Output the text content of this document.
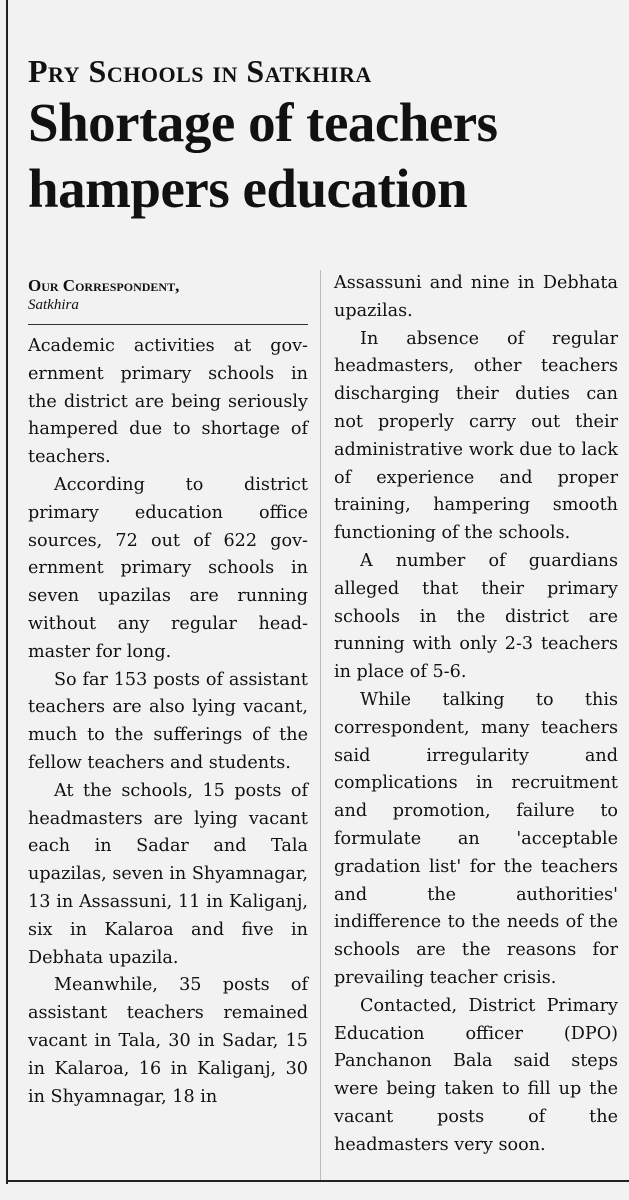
Pry Schools in Satkhira
Shortage of teachers hampers education
Our Correspondent,
Satkhira

Academic activities at government primary schools in the district are being seriously hampered due to shortage of teachers.

According to district primary education office sources, 72 out of 622 government primary schools in seven upazilas are running without any regular headmaster for long.

So far 153 posts of assistant teachers are also lying vacant, much to the sufferings of the fellow teachers and students.

At the schools, 15 posts of headmasters are lying vacant each in Sadar and Tala upazilas, seven in Shyamnagar, 13 in Assassuni, 11 in Kaliganj, six in Kalaroa and five in Debhata upazila.

Meanwhile, 35 posts of assistant teachers remained vacant in Tala, 30 in Sadar, 15 in Kalaroa, 16 in Kaliganj, 30 in Shyamnagar, 18 in

Assassuni and nine in Debhata upazilas.

In absence of regular headmasters, other teachers discharging their duties can not properly carry out their administrative work due to lack of experience and proper training, hampering smooth functioning of the schools.

A number of guardians alleged that their primary schools in the district are running with only 2-3 teachers in place of 5-6.

While talking to this correspondent, many teachers said irregularity and complications in recruitment and promotion, failure to formulate an 'acceptable gradation list' for the teachers and the authorities' indifference to the needs of the schools are the reasons for prevailing teacher crisis.

Contacted, District Primary Education officer (DPO) Panchanon Bala said steps were being taken to fill up the vacant posts of the headmasters very soon.
